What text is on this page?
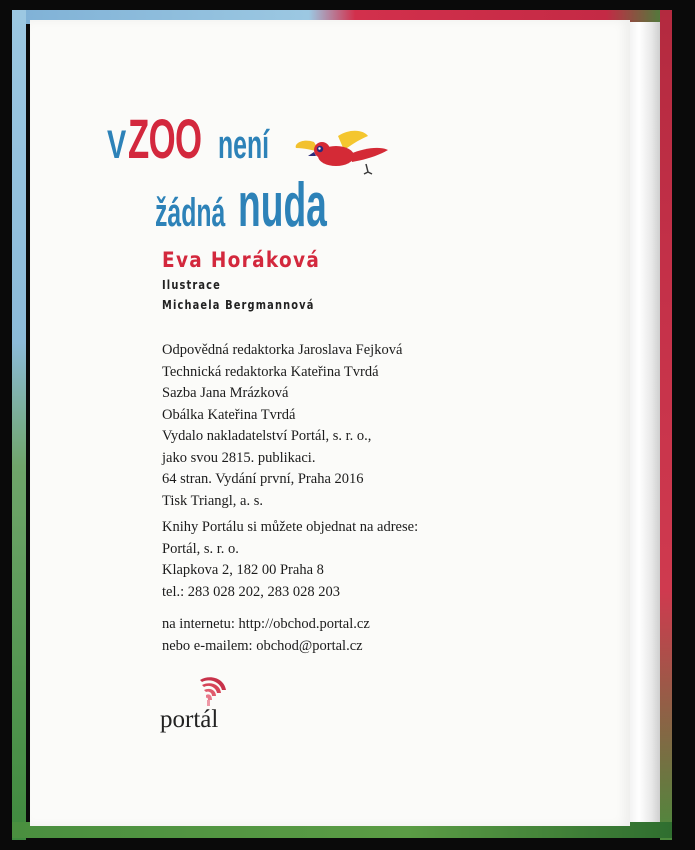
VZOO není
žádná nuda
Eva Horáková
Ilustrace
Michaela Bergmannová
Odpovědná redaktorka Jaroslava Fejková
Technická redaktorka Kateřina Tvrdá
Sazba Jana Mrázková
Obálka Kateřina Tvrdá
Vydalo nakladatelství Portál, s. r. o.,
jako svou 2815. publikaci.
64 stran. Vydání první, Praha 2016
Tisk Triangl, a. s.
Knihy Portálu si můžete objednat na adrese:
Portál, s. r. o.
Klapkova 2, 182 00 Praha 8
tel.: 283 028 202, 283 028 203
na internetu: http://obchod.portal.cz
nebo e-mailem: obchod@portal.cz
portál
